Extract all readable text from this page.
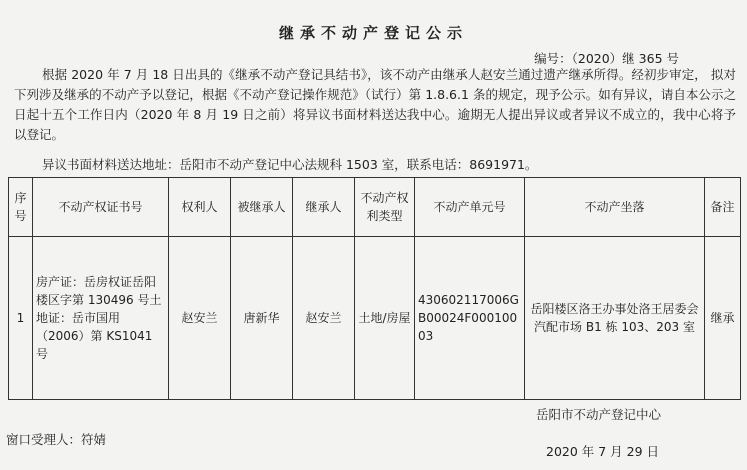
继承不动产登记公示
编号：（2020）继 365 号

根据 2020 年 7 月 18 日出具的《继承不动产登记具结书》，该不动产由继承人赵安兰通过遗产继承所得。经初步审定， 拟对下列涉及继承的不动产予以登记，根据《不动产登记操作规范》（试行）第 1.8.6.1 条的规定，现予公示。如有异议，请自本公示之日起十五个工作日内（2020 年 8 月 19 日之前）将异议书面材料送达我中心。逾期无人提出异议或者异议不成立的，我中心将予以登记。

异议书面材料送达地址：岳阳市不动产登记中心法规科 1503 室，联系电话：8691971。
序号	不动产权证书号	权利人	被继承人	继承人	不动产权利类型	不动产单元号	不动产坐落	备注
1	房产证：岳房权证岳阳楼区字第 130496 号土地证：岳市国用（2006）第 KS1041 号	赵安兰	唐新华	赵安兰	土地/房屋	430602117006GB00024F00010003	岳阳楼区洛王办事处洛王居委会汽配市场 B1 栋 103、203 室	继承
岳阳市不动产登记中心
窗口受理人：符婧
2020 年 7 月 29 日
